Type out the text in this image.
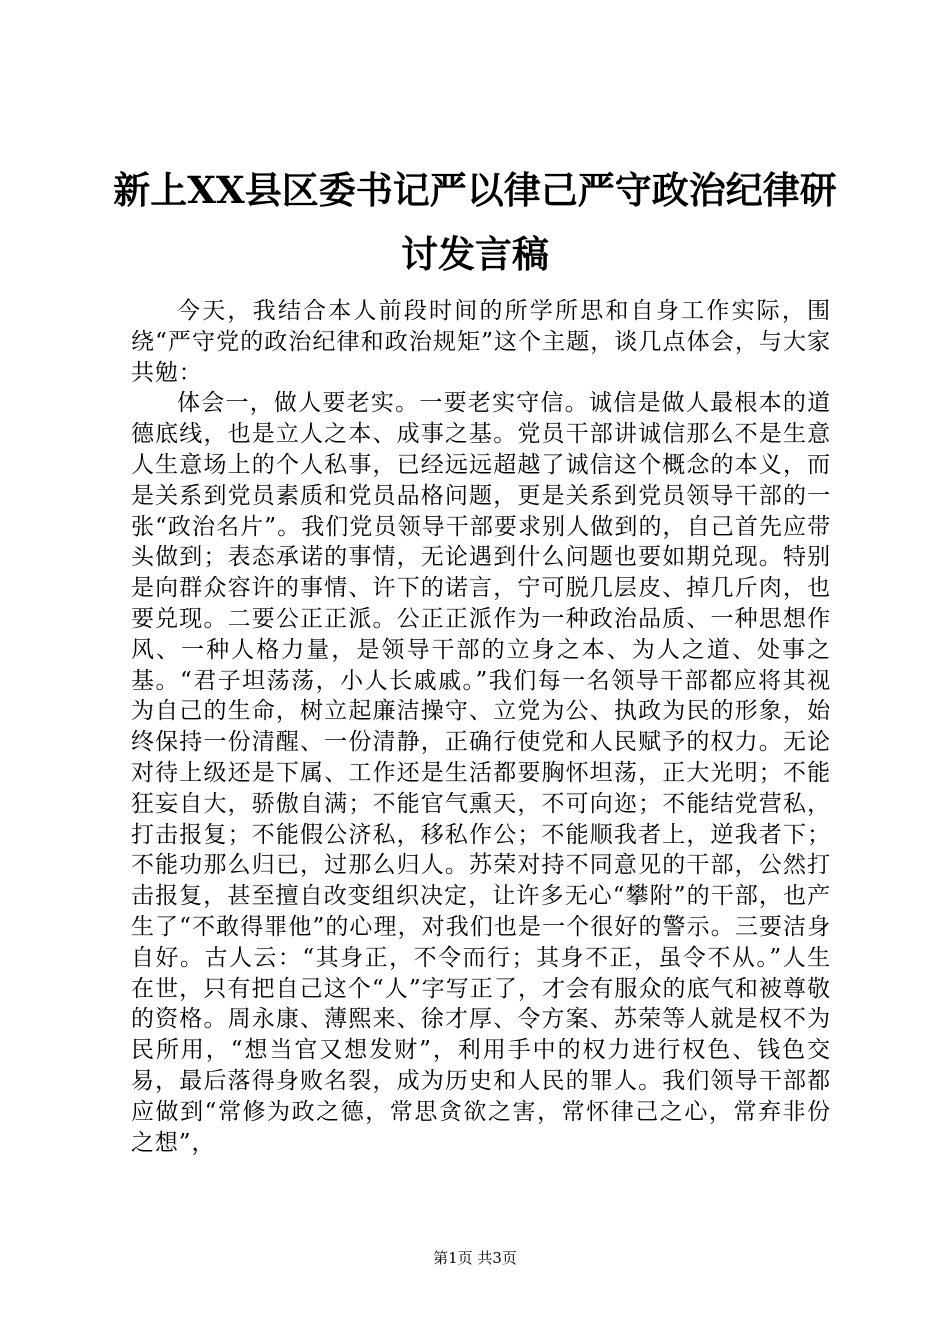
新上XX县区委书记严以律己严守政治纪律研讨发言稿

今天，我结合本人前段时间的所学所思和自身工作实际，围绕“严守党的政治纪律和政治规矩”这个主题，谈几点体会，与大家共勉：

体会一，做人要老实。一要老实守信。诚信是做人最根本的道德底线，也是立人之本、成事之基。党员干部讲诚信那么不是生意人生意场上的个人私事，已经远远超越了诚信这个概念的本义，而是关系到党员素质和党员品格问题，更是关系到党员领导干部的一张“政治名片”。我们党员领导干部要求别人做到的，自己首先应带头做到；表态承诺的事情，无论遇到什么问题也要如期兑现。特别是向群众容许的事情、许下的诺言，宁可脱几层皮、掉几斤肉，也要兑现。二要公正正派。公正正派作为一种政治品质、一种思想作风、一种人格力量，是领导干部的立身之本、为人之道、处事之基。“君子坦荡荡，小人长戚戚。”我们每一名领导干部都应将其视为自己的生命，树立起廉洁操守、立党为公、执政为民的形象，始终保持一份清醒、一份清静，正确行使党和人民赋予的权力。无论对待上级还是下属、工作还是生活都要胸怀坦荡，正大光明；不能狂妄自大，骄傲自满；不能官气熏天，不可向迩；不能结党营私，打击报复；不能假公济私，移私作公；不能顺我者上，逆我者下；不能功那么归已，过那么归人。苏荣对持不同意见的干部，公然打击报复，甚至擅自改变组织决定，让许多无心“攀附”的干部，也产生了“不敢得罪他”的心理，对我们也是一个很好的警示。三要洁身自好。古人云：“其身正，不令而行；其身不正，虽令不从。”人生在世，只有把自己这个“人”字写正了，才会有服众的底气和被尊敬的资格。周永康、薄熙来、徐才厚、令方案、苏荣等人就是权不为民所用，“想当官又想发财”，利用手中的权力进行权色、钱色交易，最后落得身败名裂，成为历史和人民的罪人。我们领导干部都应做到“常修为政之德，常思贪欲之害，常怀律己之心，常弃非份之想”，

第1页 共3页
